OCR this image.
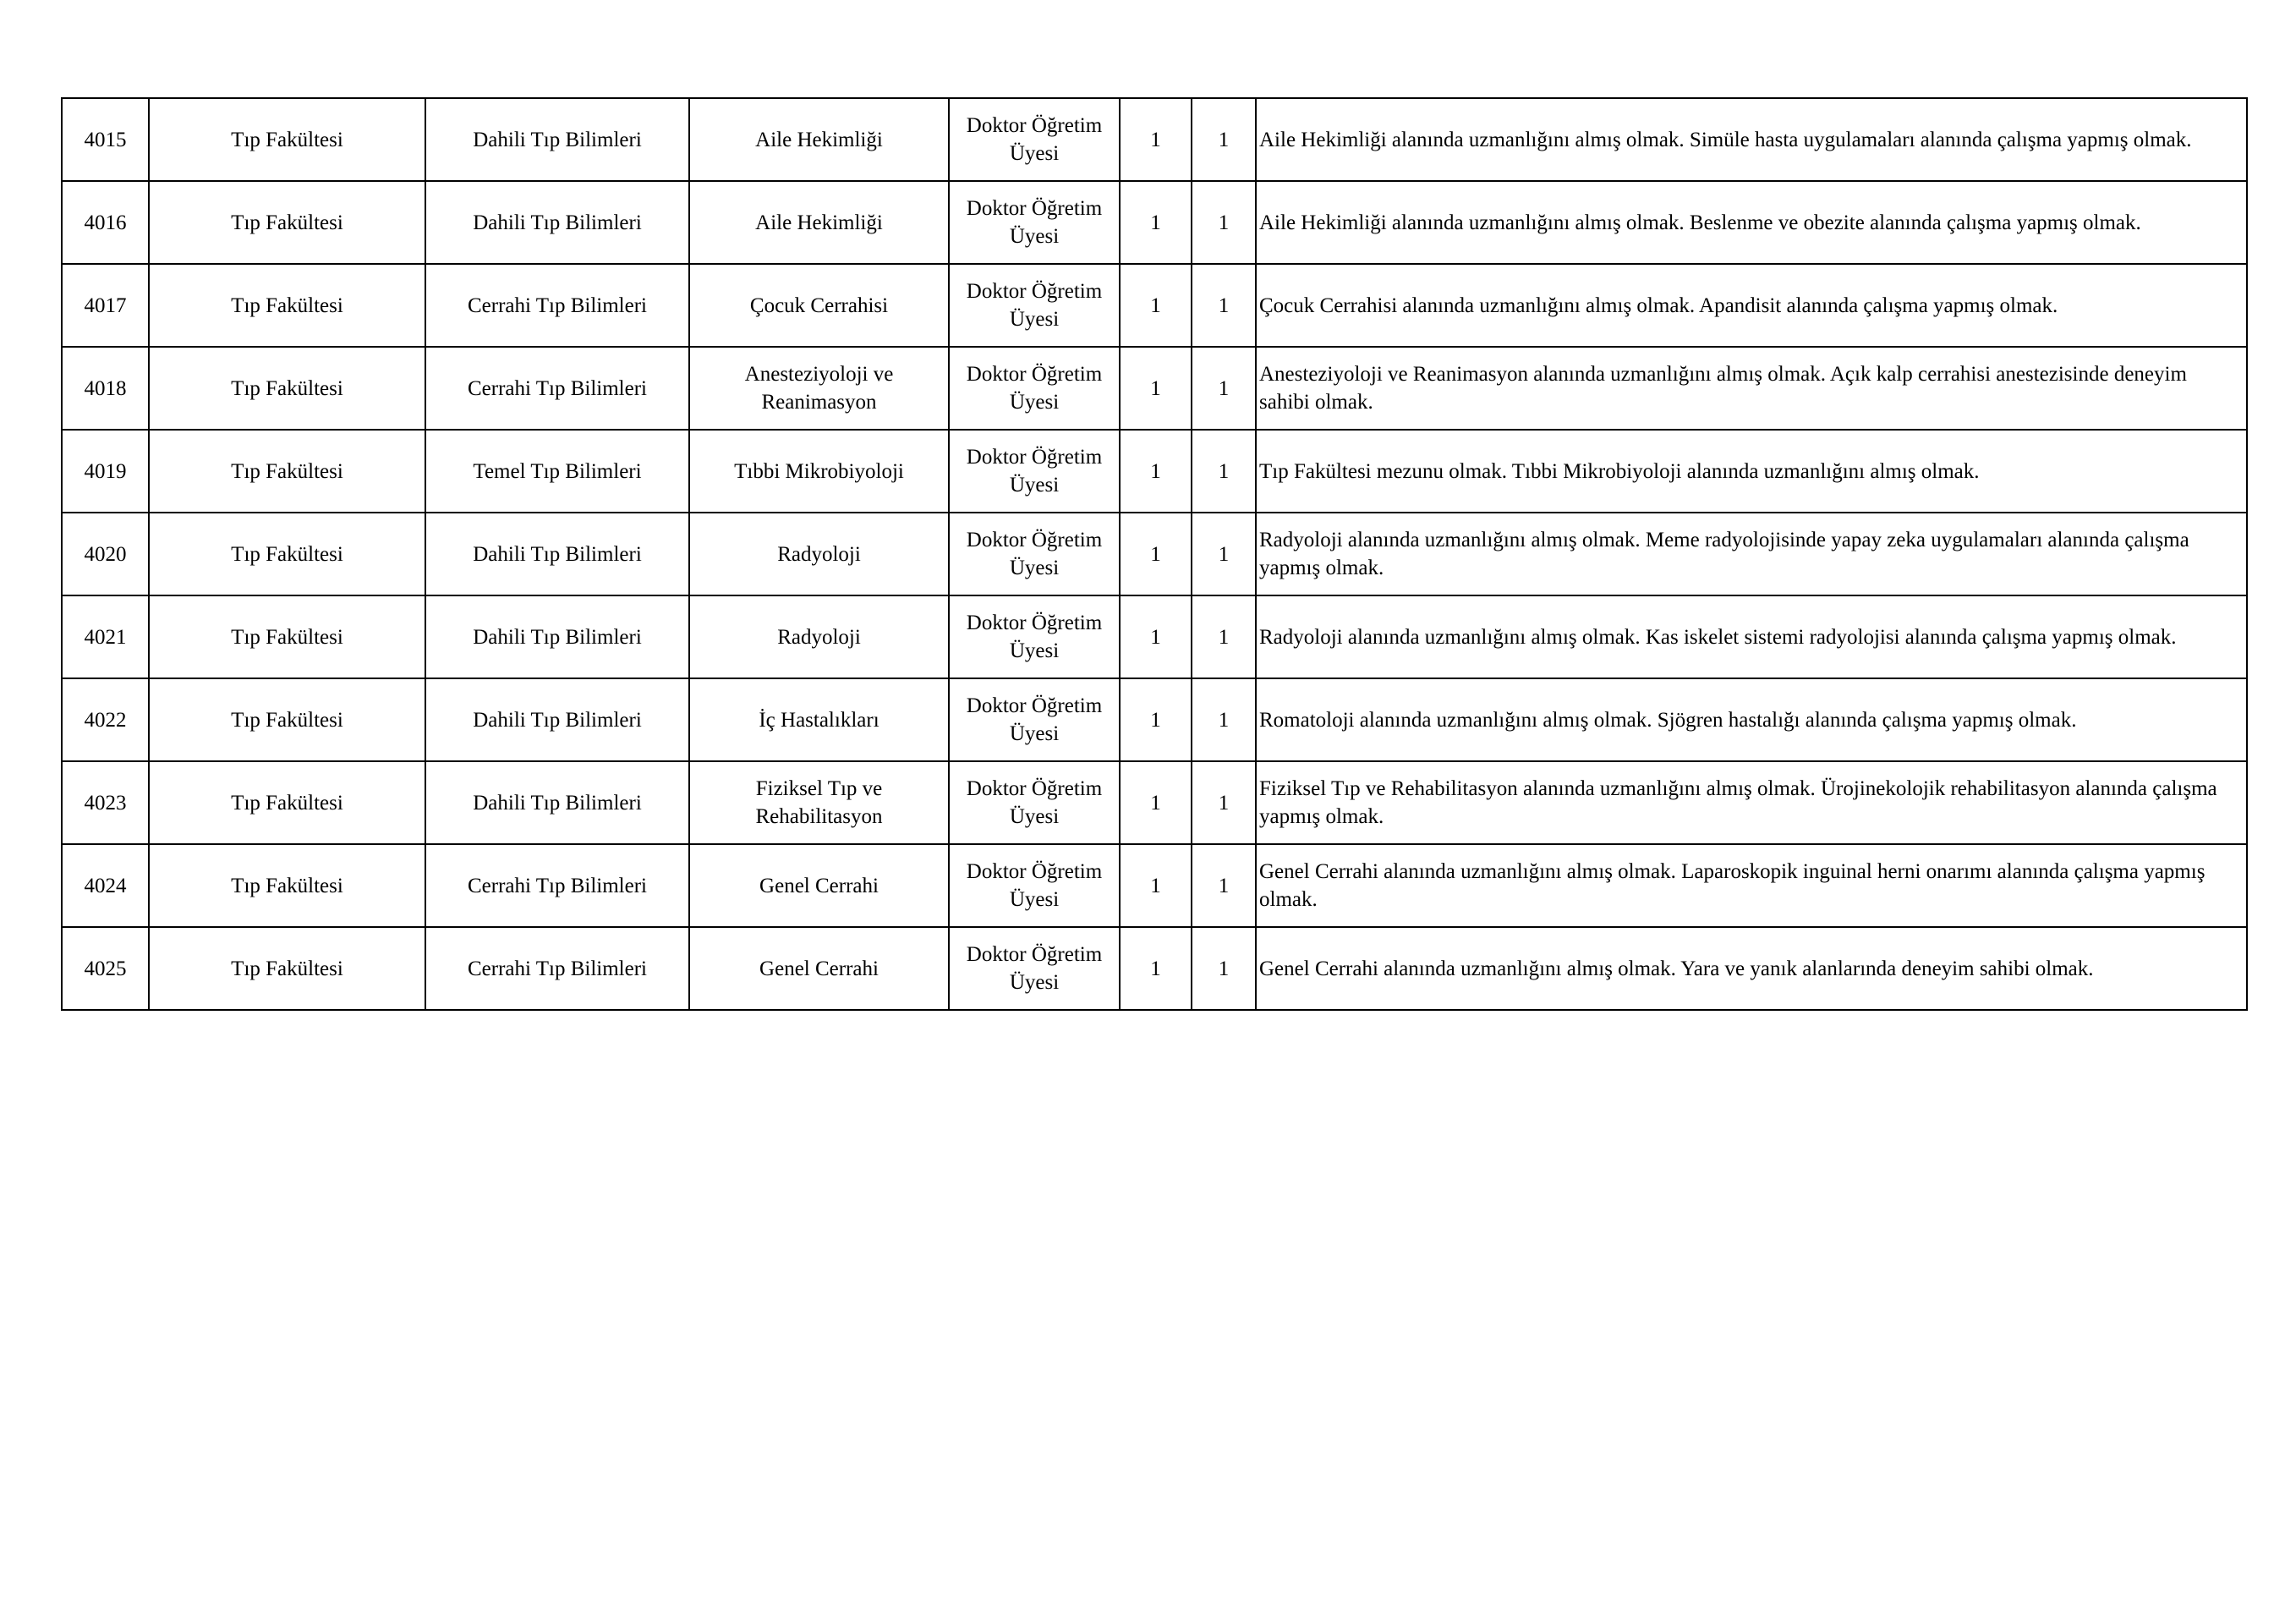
4015	Tıp Fakültesi	Dahili Tıp Bilimleri	Aile Hekimliği	Doktor Öğretim Üyesi	1	1	Aile Hekimliği alanında uzmanlığını almış olmak. Simüle hasta uygulamaları alanında çalışma yapmış olmak.
4016	Tıp Fakültesi	Dahili Tıp Bilimleri	Aile Hekimliği	Doktor Öğretim Üyesi	1	1	Aile Hekimliği alanında uzmanlığını almış olmak. Beslenme ve obezite alanında çalışma yapmış olmak.
4017	Tıp Fakültesi	Cerrahi Tıp Bilimleri	Çocuk Cerrahisi	Doktor Öğretim Üyesi	1	1	Çocuk Cerrahisi alanında uzmanlığını almış olmak. Apandisit alanında çalışma yapmış olmak.
4018	Tıp Fakültesi	Cerrahi Tıp Bilimleri	Anesteziyoloji ve Reanimasyon	Doktor Öğretim Üyesi	1	1	Anesteziyoloji ve Reanimasyon alanında uzmanlığını almış olmak. Açık kalp cerrahisi anestezisinde deneyim sahibi olmak.
4019	Tıp Fakültesi	Temel Tıp Bilimleri	Tıbbi Mikrobiyoloji	Doktor Öğretim Üyesi	1	1	Tıp Fakültesi mezunu olmak. Tıbbi Mikrobiyoloji alanında uzmanlığını almış olmak.
4020	Tıp Fakültesi	Dahili Tıp Bilimleri	Radyoloji	Doktor Öğretim Üyesi	1	1	Radyoloji alanında uzmanlığını almış olmak. Meme radyolojisinde yapay zeka uygulamaları alanında çalışma yapmış olmak.
4021	Tıp Fakültesi	Dahili Tıp Bilimleri	Radyoloji	Doktor Öğretim Üyesi	1	1	Radyoloji alanında uzmanlığını almış olmak. Kas iskelet sistemi radyolojisi alanında çalışma yapmış olmak.
4022	Tıp Fakültesi	Dahili Tıp Bilimleri	İç Hastalıkları	Doktor Öğretim Üyesi	1	1	Romatoloji alanında uzmanlığını almış olmak. Sjögren hastalığı alanında çalışma yapmış olmak.
4023	Tıp Fakültesi	Dahili Tıp Bilimleri	Fiziksel Tıp ve Rehabilitasyon	Doktor Öğretim Üyesi	1	1	Fiziksel Tıp ve Rehabilitasyon alanında uzmanlığını almış olmak. Ürojinekolojik rehabilitasyon alanında çalışma yapmış olmak.
4024	Tıp Fakültesi	Cerrahi Tıp Bilimleri	Genel Cerrahi	Doktor Öğretim Üyesi	1	1	Genel Cerrahi alanında uzmanlığını almış olmak. Laparoskopik inguinal herni onarımı alanında çalışma yapmış olmak.
4025	Tıp Fakültesi	Cerrahi Tıp Bilimleri	Genel Cerrahi	Doktor Öğretim Üyesi	1	1	Genel Cerrahi alanında uzmanlığını almış olmak. Yara ve yanık alanlarında deneyim sahibi olmak.
